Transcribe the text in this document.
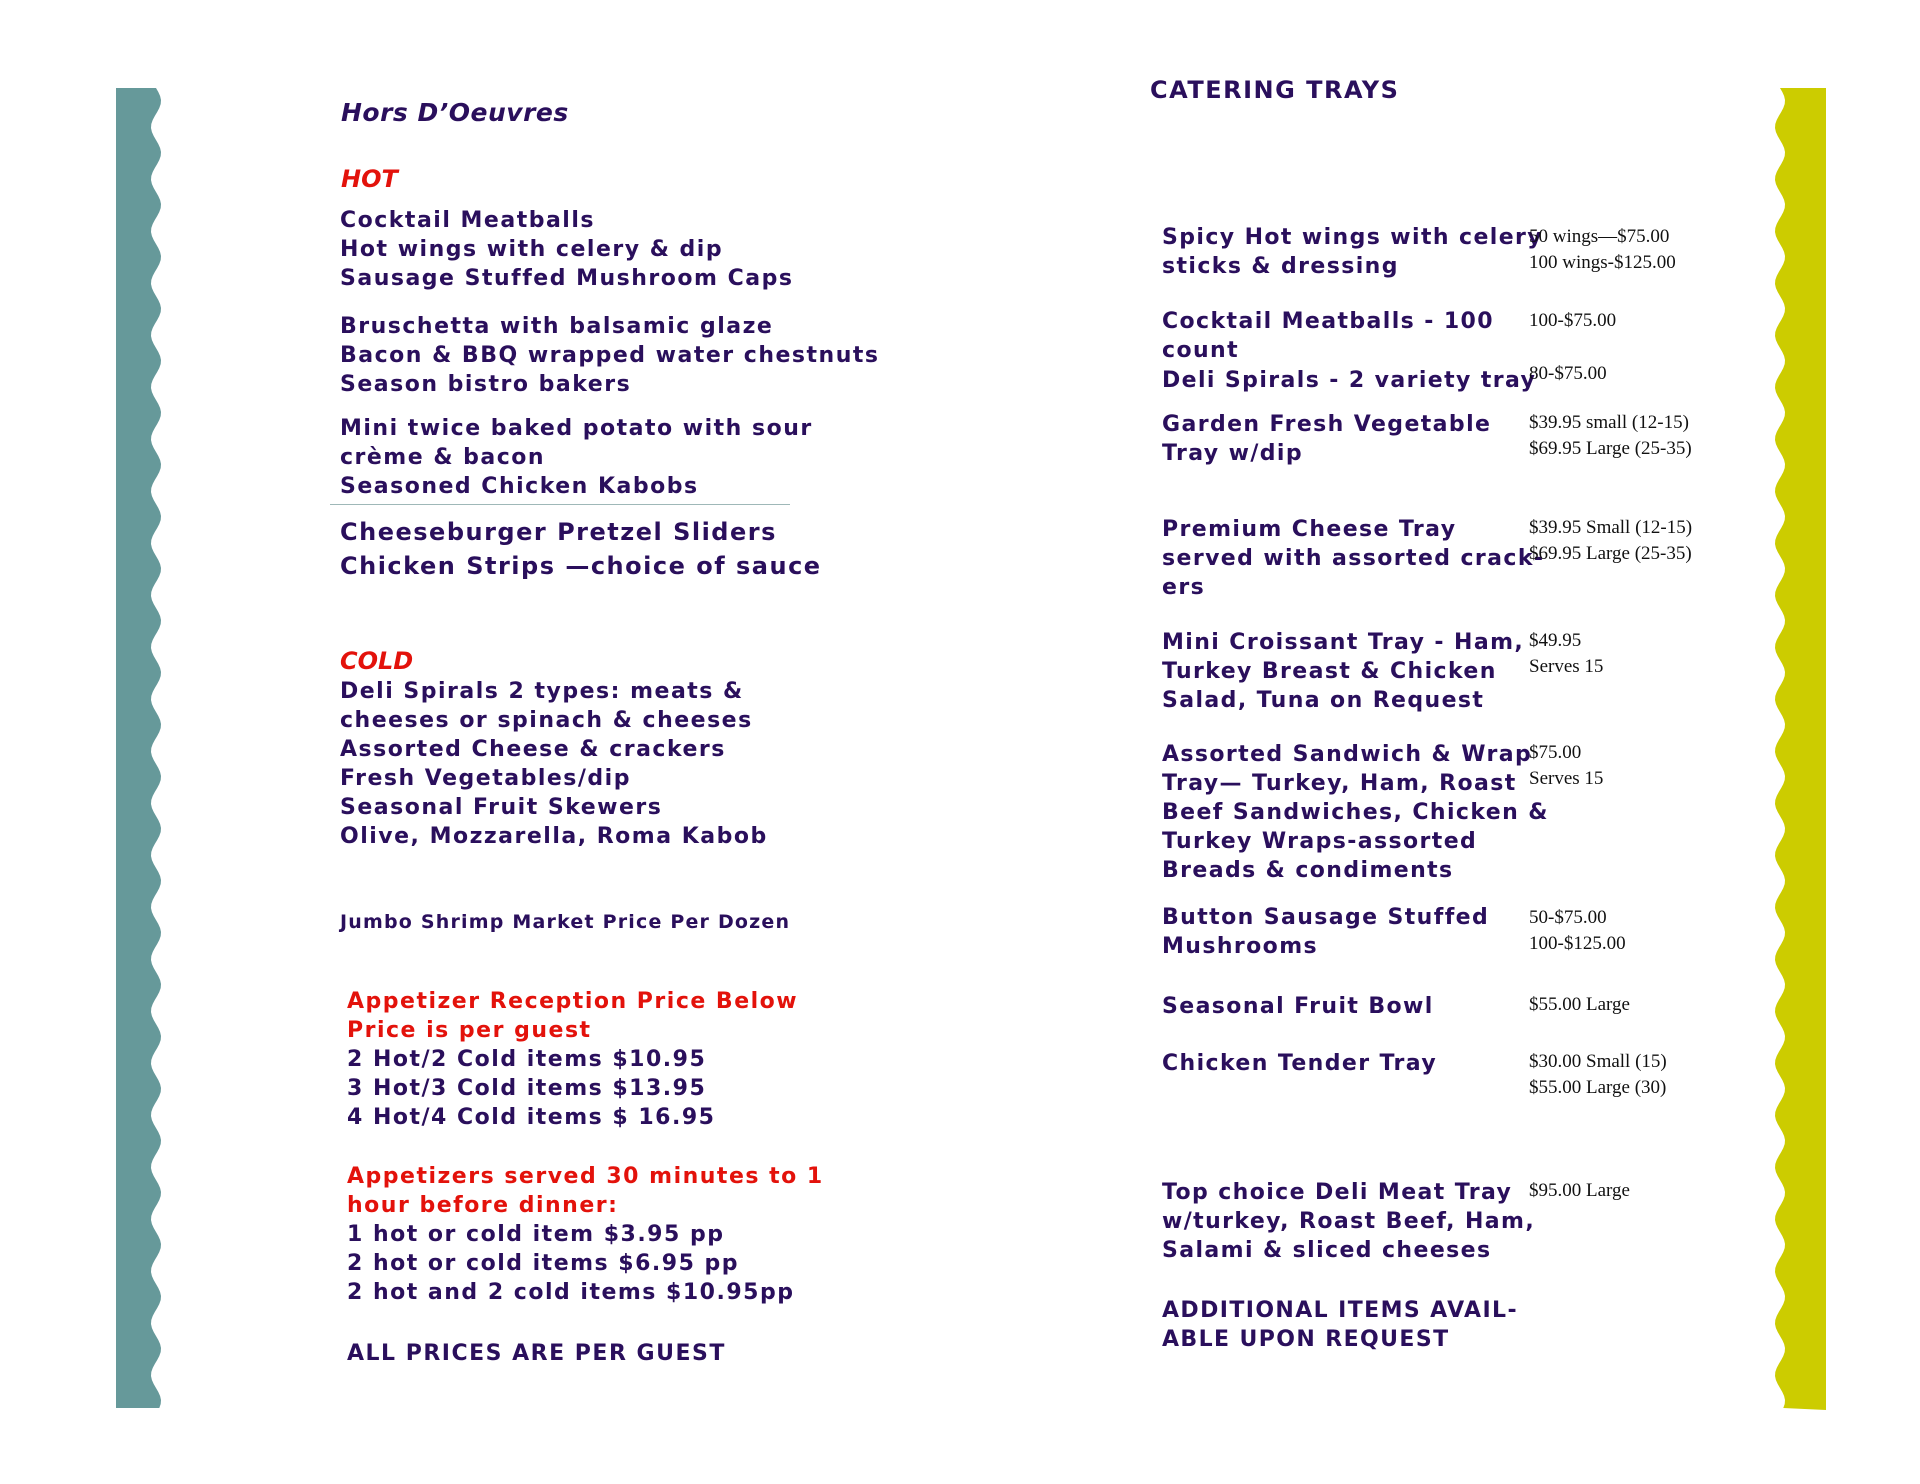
Hors D’Oeuvres
HOT
Cocktail Meatballs
Hot wings with celery & dip
Sausage Stuffed Mushroom Caps
Bruschetta with balsamic glaze
Bacon & BBQ wrapped water chestnuts
Season bistro bakers
Mini twice baked potato with sour
crème & bacon
Seasoned Chicken Kabobs
Cheeseburger Pretzel Sliders
Chicken Strips —choice of sauce
COLD
Deli Spirals 2 types: meats &
cheeses or spinach & cheeses
Assorted Cheese & crackers
Fresh Vegetables/dip
Seasonal Fruit Skewers
Olive, Mozzarella, Roma Kabob
Jumbo Shrimp Market Price Per Dozen
Appetizer Reception Price Below
Price is per guest
2 Hot/2 Cold items $10.95
3 Hot/3 Cold items $13.95
4 Hot/4 Cold items $ 16.95
Appetizers served 30 minutes to 1
hour before dinner:
1 hot or cold item $3.95 pp
2 hot or cold items $6.95 pp
2 hot and 2 cold items $10.95pp
ALL PRICES ARE PER GUEST
CATERING TRAYS
Spicy Hot wings with celery
sticks & dressing
50 wings—$75.00
100 wings-$125.00
Cocktail Meatballs - 100
count
100-$75.00
Deli Spirals - 2 variety tray
80-$75.00
Garden Fresh Vegetable
Tray w/dip
$39.95 small (12-15)
$69.95 Large (25-35)
Premium Cheese Tray
served with assorted crack-
ers
$39.95 Small (12-15)
$69.95 Large (25-35)
Mini Croissant Tray - Ham,
Turkey Breast & Chicken
Salad, Tuna on Request
$49.95
Serves 15
Assorted Sandwich & Wrap
Tray— Turkey, Ham, Roast
Beef Sandwiches, Chicken &
Turkey Wraps-assorted
Breads & condiments
$75.00
Serves 15
Button Sausage Stuffed
Mushrooms
50-$75.00
100-$125.00
Seasonal Fruit Bowl	$55.00 Large
Chicken Tender Tray	$30.00 Small (15)
$55.00 Large (30)
Top choice Deli Meat Tray
w/turkey, Roast Beef, Ham,
Salami & sliced cheeses
$95.00 Large
ADDITIONAL ITEMS AVAIL-
ABLE UPON REQUEST
